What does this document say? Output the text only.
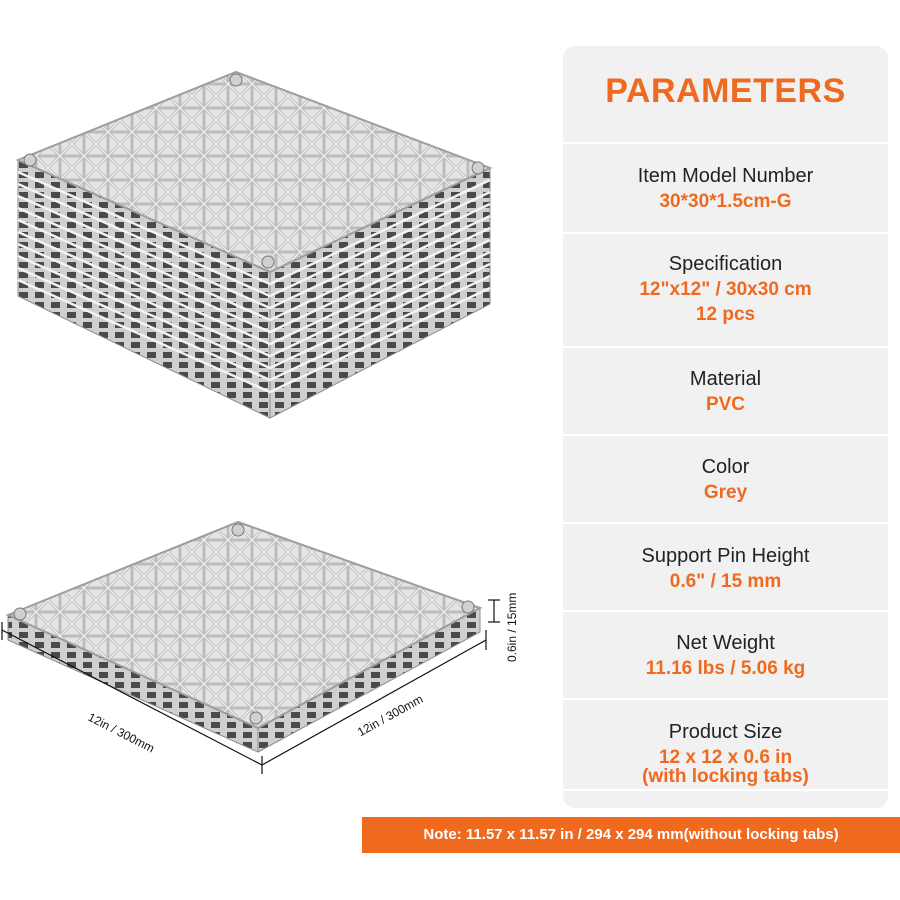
12in / 300mm	12in / 300mm
0.6in / 15mm
PARAMETERS
Item Model Number
30*30*1.5cm-G
Specification
12"x12" / 30x30 cm
12 pcs
Material
PVC
Color
Grey
Support Pin Height
0.6" / 15 mm
Net Weight
11.16 lbs / 5.06 kg
Product Size
12 x 12 x 0.6 in
(with locking tabs)
Note: 11.57 x 11.57 in / 294 x 294 mm(without locking tabs)
